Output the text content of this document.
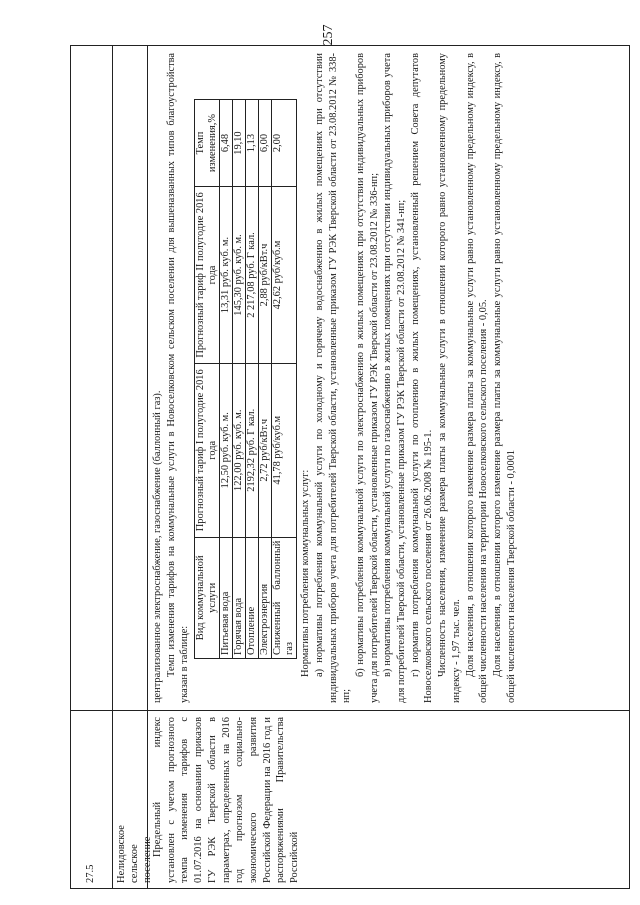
257
27.5 Нелидовское сельское поселение

Предельный индекс установлен с учетом прогнозного темпа изменения тарифов с 01.07.2016 на основании приказов ГУ РЭК Тверской области в параметрах, определенных на 2016 год прогнозом социально-экономического развития Российской Федерации на 2016 год и распоряжениями Правительства Российской

централизованное электроснабжение, газоснабжение (баллонный газ). Темп изменения тарифов на коммунальные услуги в Новоселковском сельском поселении для вышеназванных типов благоустройства указан в таблице:

Вид коммунальной услуги	Прогнозный тариф I полугодие 2016 года	Прогнозный тариф II полугодие 2016 года	Темп изменения,%
Питьевая вода	12,50 руб. куб. м.	13,31 руб. куб. м.	6,48
Горячая вода	122,00 руб. куб. м.	145,30 руб. куб. м.	19,10
Отопление	2192,32 руб. Г кал.	2 217,08 руб. Г кал.	1,13
Электроэнергия	2,72 руб/кВт.ч	2,88 руб/кВт.ч	6,00
Сниженный баллонный газ	41,78 руб/куб.м	42,62 руб/куб.м	2,00

Нормативы потребления коммунальных услуг: а) нормативы потребления коммунальной услуги по холодному и горячему водоснабжению в жилых помещениях при отсутствии индивидуальных приборов учета для потребителей Тверской области, установленные приказом ГУ РЭК Тверской области от 23.08.2012 № 338-нп;

б) нормативы потребления коммунальной услуги по электроснабжению в жилых помещениях при отсутствии индивидуальных приборов учета для потребителей Тверской области, установленные приказом ГУ РЭК Тверской области от 23.08.2012 № 336-нп; в) нормативы потребления коммунальной услуги по газоснабжению в жилых помещениях при отсутствии индивидуальных приборов учета для потребителей Тверской области, установленные приказом ГУ РЭК Тверской области от 23.08.2012 № 341-нп; г) норматив потребления коммунальной услуги по отоплению в жилых помещениях, установленный решением Совета депутатов Новоселковского сельского поселения от 26.06.2008 № 195-1. Численность населения, изменение размера платы за коммунальные услуги в отношении которого равно установленному предельному индексу - 1,97 тыс. чел. Доля населения, в отношении которого изменение размера платы за коммунальные услуги равно установленному предельному индексу, в общей численности населения на территории Новоселковского сельского поселения - 0,05. Доля населения, в отношении которого изменение размера платы за коммунальные услуги равно установленному предельному индексу, в общей численности населения Тверской области - 0,0001
